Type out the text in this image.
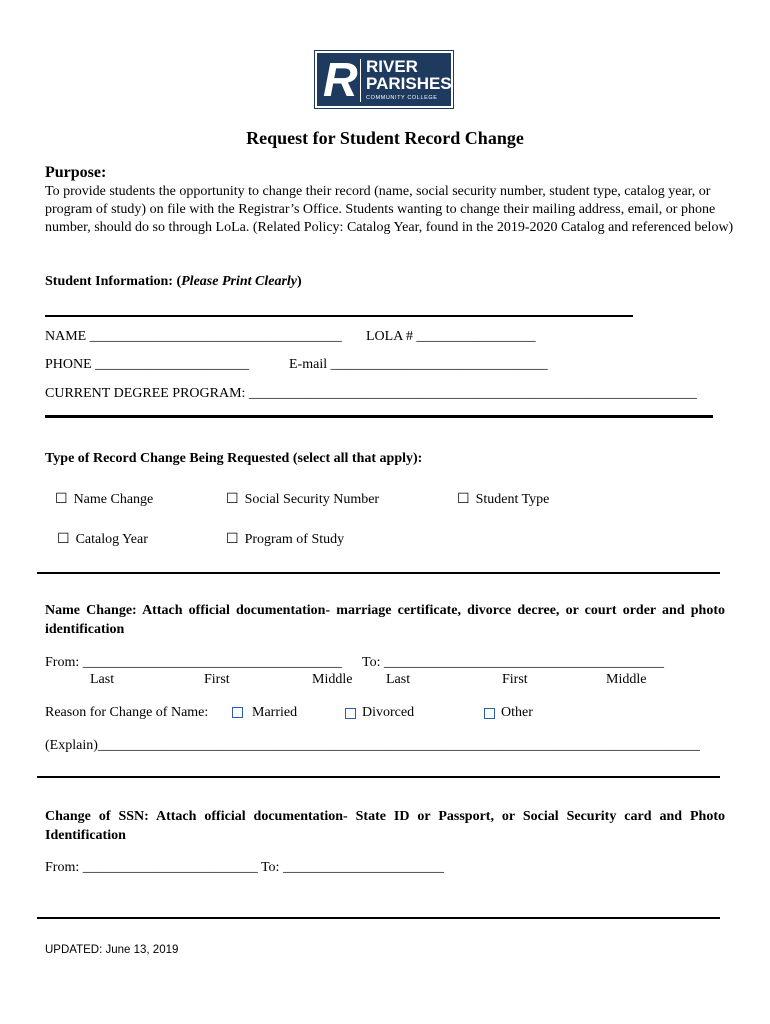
R RIVER
PARISHES
COMMUNITY COLLEGE
Request for Student Record Change
Purpose:
To provide students the opportunity to change their record (name, social security number, student type, catalog year, or program of study) on file with the Registrar’s Office. Students wanting to change their mailing address, email, or phone number, should do so through LoLa. (Related Policy: Catalog Year, found in the 2019-2020 Catalog and referenced below)
Student Information: (Please Print Clearly)
NAME ____________________________________ LOLA # _________________
PHONE ______________________	E-mail _______________________________
CURRENT DEGREE PROGRAM: ________________________________________________________________
Type of Record Change Being Requested (select all that apply):
☐ Name Change	☐ Social Security Number	☐ Student Type
☐ Catalog Year	☐ Program of Study
Name Change: Attach official documentation- marriage certificate, divorce decree, or court order and photo identification
From: _____________________________________ To: ________________________________________
Last	First	Middle Last	First	Middle
Reason for Change of Name:	Married	Divorced	Other
(Explain)______________________________________________________________________________________
Change of SSN: Attach official documentation- State ID or Passport, or Social Security card and Photo Identification
From: _________________________ To: _______________________
UPDATED: June 13, 2019
